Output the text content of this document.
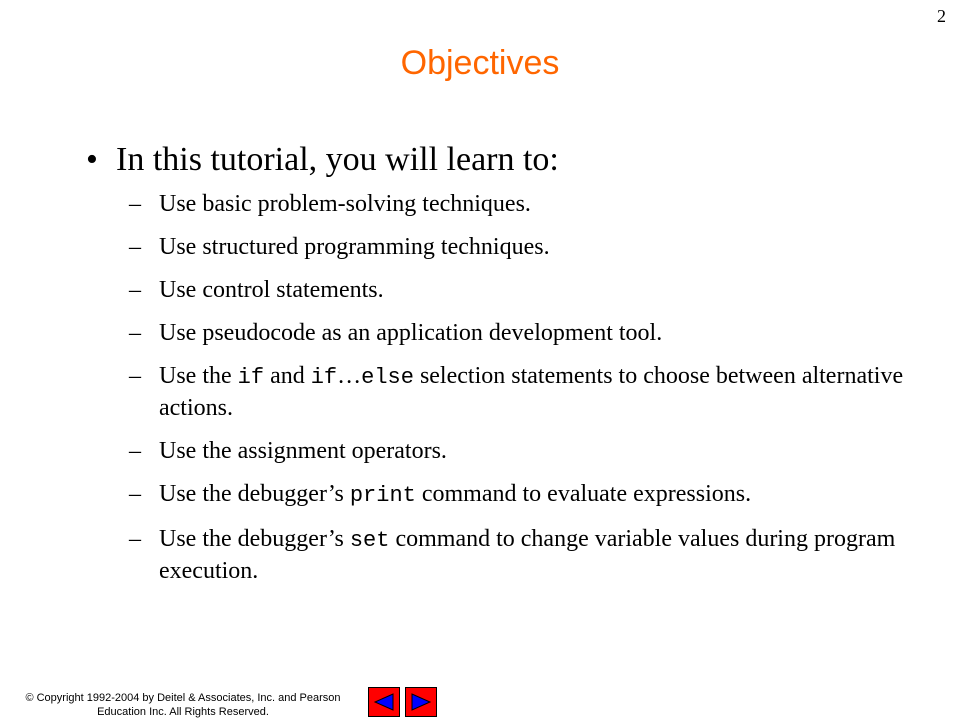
2
Objectives
• In this tutorial, you will learn to:
– Use basic problem-solving techniques.
– Use structured programming techniques.
– Use control statements.
– Use pseudocode as an application development tool.
– Use the if and if…else selection statements to choose between alternative actions.
– Use the assignment operators.
– Use the debugger’s print command to evaluate expressions.
– Use the debugger’s set command to change variable values during program execution.
© Copyright 1992-2004 by Deitel & Associates, Inc. and Pearson
Education Inc. All Rights Reserved.
